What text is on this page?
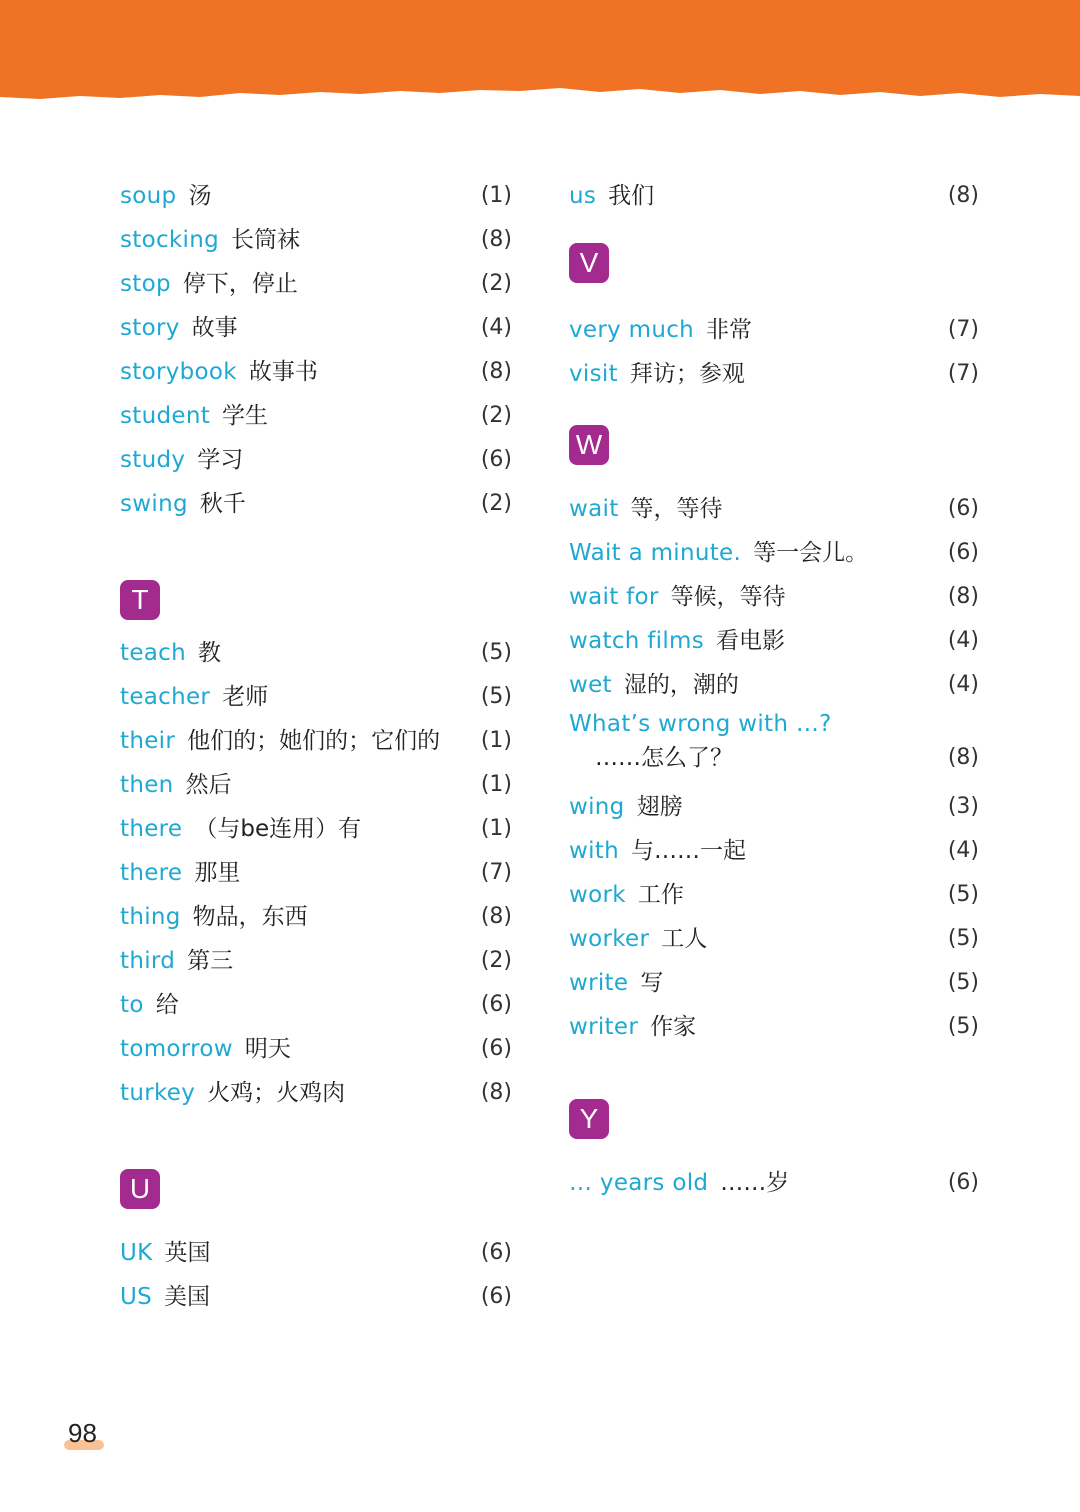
soup 汤	(1)
stocking 长筒袜	(8)
stop 停下，停止	(2)
story 故事	(4)
storybook 故事书	(8)
student 学生	(2)
study 学习	(6)
swing 秋千	(2)
T
teach 教	(5)
teacher 老师	(5)
their 他们的；她们的；它们的 (1)
then 然后	(1)
there （与be连用）有	(1)
there 那里	(7)
thing 物品，东西	(8)
third 第三	(2)
to 给	(6)
tomorrow 明天	(6)
turkey 火鸡；火鸡肉	(8)
U
UK 英国	(6)
US 美国	(6)
us 我们	(8)
V
very much 非常	(7)
visit 拜访；参观	(7)
W
wait 等，等待	(6)
Wait a minute. 等一会儿。	(6)
wait for 等候，等待	(8)
watch films 看电影	(4)
wet 湿的，潮的	(4)
What’s wrong with …?
……怎么了？	(8)
wing 翅膀	(3)
with 与……一起	(4)
work 工作	(5)
worker 工人	(5)
write 写	(5)
writer 作家	(5)
Y
… years old ……岁	(6)
98
